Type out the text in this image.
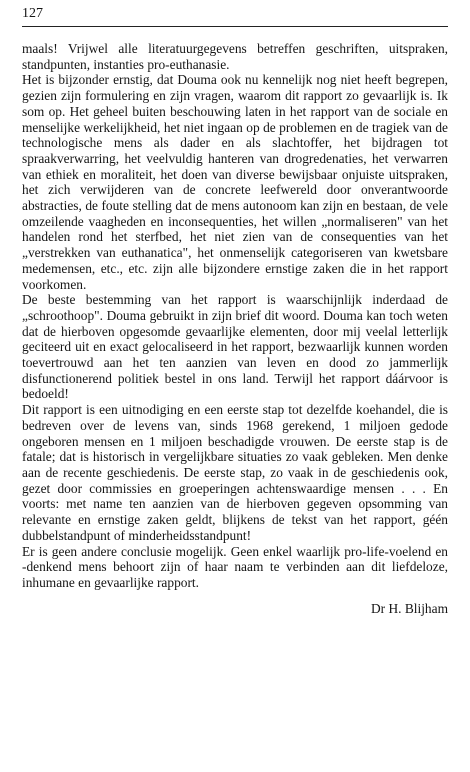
127

maals! Vrijwel alle literatuurgegevens betreffen geschriften, uitspraken, standpunten, instanties pro-euthanasie.

Het is bijzonder ernstig, dat Douma ook nu kennelijk nog niet heeft begrepen, gezien zijn formulering en zijn vragen, waarom dit rapport zo gevaarlijk is. Ik som op. Het geheel buiten beschouwing laten in het rapport van de sociale en menselijke werkelijkheid, het niet ingaan op de problemen en de tragiek van de technologische mens als dader en als slachtoffer, het bijdragen tot spraakverwarring, het veelvuldig hanteren van drogredenaties, het verwarren van ethiek en moraliteit, het doen van diverse bewijsbaar onjuiste uitspraken, het zich verwijderen van de concrete leefwereld door onverantwoorde abstracties, de foute stelling dat de mens autonoom kan zijn en bestaan, de vele omzeilende vaagheden en inconsequenties, het willen „normaliseren" van het handelen rond het sterfbed, het niet zien van de consequenties van het „verstrekken van euthanatica", het onmenselijk categoriseren van kwetsbare medemensen, etc., etc. zijn alle bijzondere ernstige zaken die in het rapport voorkomen.

De beste bestemming van het rapport is waarschijnlijk inderdaad de „schroothoop". Douma gebruikt in zijn brief dit woord. Douma kan toch weten dat de hierboven opgesomde gevaarlijke elementen, door mij veelal letterlijk geciteerd uit en exact gelocaliseerd in het rapport, bezwaarlijk kunnen worden toevertrouwd aan het ten aanzien van leven en dood zo jammerlijk disfunctionerend politiek bestel in ons land. Terwijl het rapport dáárvoor is bedoeld!

Dit rapport is een uitnodiging en een eerste stap tot dezelfde koehandel, die is bedreven over de levens van, sinds 1968 gerekend, 1 miljoen gedode ongeboren mensen en 1 miljoen beschadigde vrouwen. De eerste stap is de fatale; dat is historisch in vergelijkbare situaties zo vaak gebleken. Men denke aan de recente geschiedenis. De eerste stap, zo vaak in de geschiedenis ook, gezet door commissies en groeperingen achtenswaardige mensen . . . En voorts: met name ten aanzien van de hierboven gegeven opsomming van relevante en ernstige zaken geldt, blijkens de tekst van het rapport, géén dubbelstandpunt of minderheidsstandpunt!

Er is geen andere conclusie mogelijk. Geen enkel waarlijk pro-life-voelend en -denkend mens behoort zijn of haar naam te verbinden aan dit liefdeloze, inhumane en gevaarlijke rapport.

Dr H. Blijham
